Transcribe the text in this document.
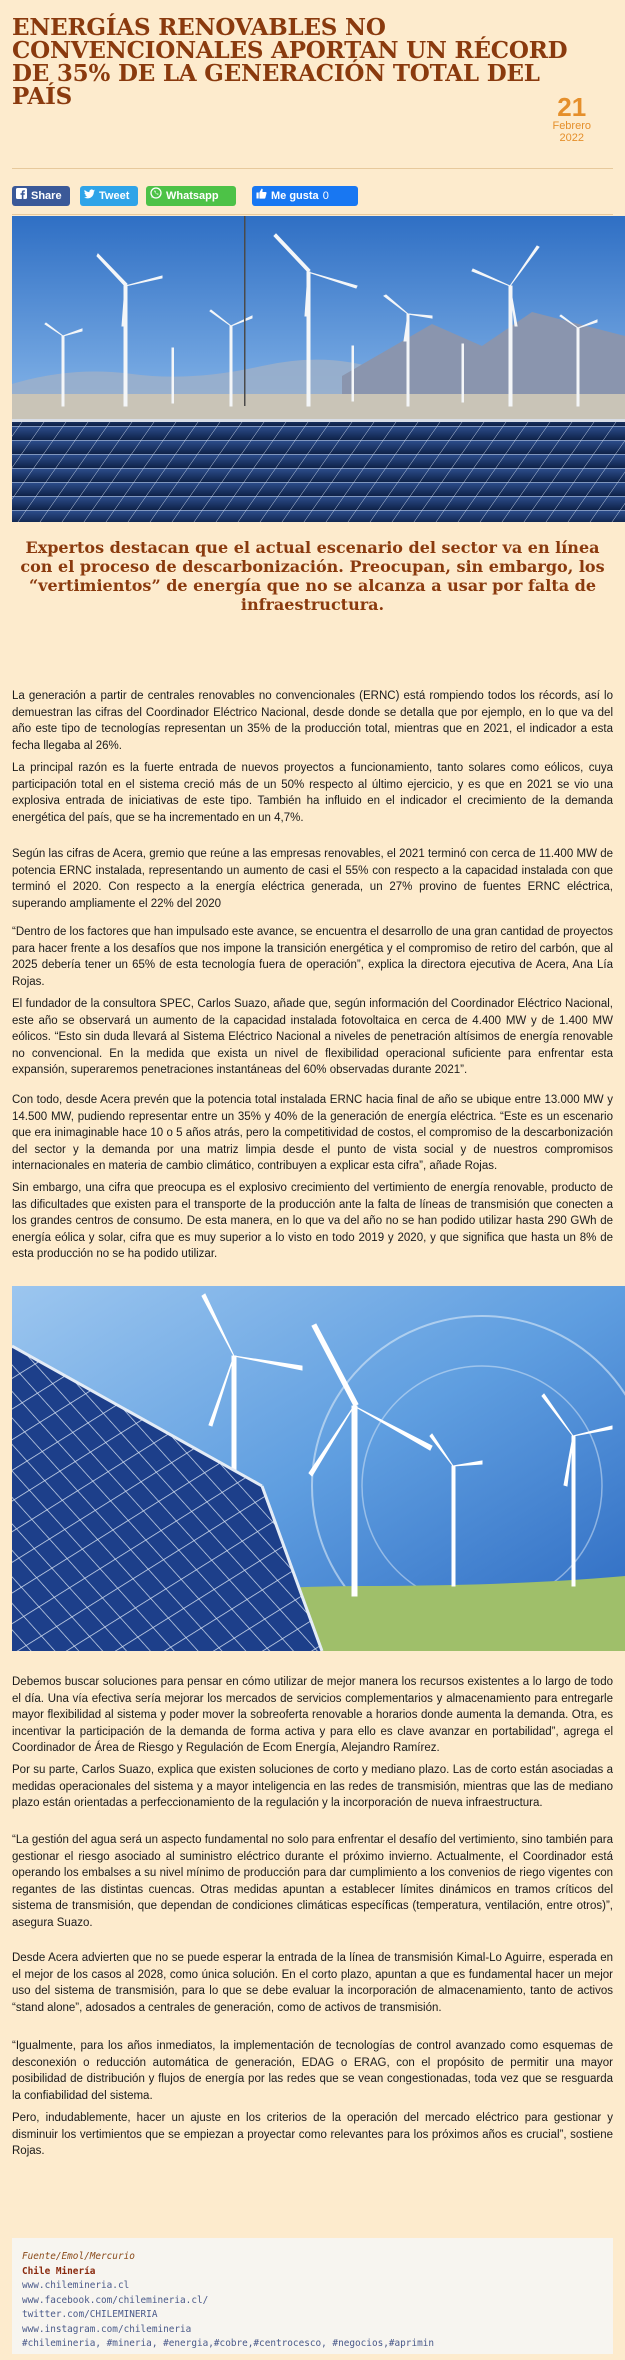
ENERGÍAS RENOVABLES NO CONVENCIONALES APORTAN UN RÉCORD DE 35% DE LA GENERACIÓN TOTAL DEL PAÍS	21
Febrero
2022
Share	Tweet	Whatsapp	Me gusta 0

Expertos destacan que el actual escenario del sector va en línea con el proceso de descarbonización. Preocupan, sin embargo, los “vertimientos” de energía que no se alcanza a usar por falta de infraestructura.

La generación a partir de centrales renovables no convencionales (ERNC) está rompiendo todos los récords, así lo demuestran las cifras del Coordinador Eléctrico Nacional, desde donde se detalla que por ejemplo, en lo que va del año este tipo de tecnologías representan un 35% de la producción total, mientras que en 2021, el indicador a esta fecha llegaba al 26%.

La principal razón es la fuerte entrada de nuevos proyectos a funcionamiento, tanto solares como eólicos, cuya participación total en el sistema creció más de un 50% respecto al último ejercicio, y es que en 2021 se vio una explosiva entrada de iniciativas de este tipo. También ha influido en el indicador el crecimiento de la demanda energética del país, que se ha incrementado en un 4,7%.

Según las cifras de Acera, gremio que reúne a las empresas renovables, el 2021 terminó con cerca de 11.400 MW de potencia ERNC instalada, representando un aumento de casi el 55% con respecto a la capacidad instalada con que terminó el 2020. Con respecto a la energía eléctrica generada, un 27% provino de fuentes ERNC eléctrica, superando ampliamente el 22% del 2020

“Dentro de los factores que han impulsado este avance, se encuentra el desarrollo de una gran cantidad de proyectos para hacer frente a los desafíos que nos impone la transición energética y el compromiso de retiro del carbón, que al 2025 debería tener un 65% de esta tecnología fuera de operación”, explica la directora ejecutiva de Acera, Ana Lía Rojas.

El fundador de la consultora SPEC, Carlos Suazo, añade que, según información del Coordinador Eléctrico Nacional, este año se observará un aumento de la capacidad instalada fotovoltaica en cerca de 4.400 MW y de 1.400 MW eólicos. “Esto sin duda llevará al Sistema Eléctrico Nacional a niveles de penetración altísimos de energía renovable no convencional. En la medida que exista un nivel de flexibilidad operacional suficiente para enfrentar esta expansión, superaremos penetraciones instantáneas del 60% observadas durante 2021”.

Con todo, desde Acera prevén que la potencia total instalada ERNC hacia final de año se ubique entre 13.000 MW y 14.500 MW, pudiendo representar entre un 35% y 40% de la generación de energía eléctrica. “Este es un escenario que era inimaginable hace 10 o 5 años atrás, pero la competitividad de costos, el compromiso de la descarbonización del sector y la demanda por una matriz limpia desde el punto de vista social y de nuestros compromisos internacionales en materia de cambio climático, contribuyen a explicar esta cifra”, añade Rojas.

Sin embargo, una cifra que preocupa es el explosivo crecimiento del vertimiento de energía renovable, producto de las dificultades que existen para el transporte de la producción ante la falta de líneas de transmisión que conecten a los grandes centros de consumo. De esta manera, en lo que va del año no se han podido utilizar hasta 290 GWh de energía eólica y solar, cifra que es muy superior a lo visto en todo 2019 y 2020, y que significa que hasta un 8% de esta producción no se ha podido utilizar.

Debemos buscar soluciones para pensar en cómo utilizar de mejor manera los recursos existentes a lo largo de todo el día. Una vía efectiva sería mejorar los mercados de servicios complementarios y almacenamiento para entregarle mayor flexibilidad al sistema y poder mover la sobreoferta renovable a horarios donde aumenta la demanda. Otra, es incentivar la participación de la demanda de forma activa y para ello es clave avanzar en portabilidad”, agrega el Coordinador de Área de Riesgo y Regulación de Ecom Energía, Alejandro Ramírez.

Por su parte, Carlos Suazo, explica que existen soluciones de corto y mediano plazo. Las de corto están asociadas a medidas operacionales del sistema y a mayor inteligencia en las redes de transmisión, mientras que las de mediano plazo están orientadas a perfeccionamiento de la regulación y la incorporación de nueva infraestructura.

“La gestión del agua será un aspecto fundamental no solo para enfrentar el desafío del vertimiento, sino también para gestionar el riesgo asociado al suministro eléctrico durante el próximo invierno. Actualmente, el Coordinador está operando los embalses a su nivel mínimo de producción para dar cumplimiento a los convenios de riego vigentes con regantes de las distintas cuencas. Otras medidas apuntan a establecer límites dinámicos en tramos críticos del sistema de transmisión, que dependan de condiciones climáticas específicas (temperatura, ventilación, entre otros)”, asegura Suazo.

Desde Acera advierten que no se puede esperar la entrada de la línea de transmisión Kimal-Lo Aguirre, esperada en el mejor de los casos al 2028, como única solución. En el corto plazo, apuntan a que es fundamental hacer un mejor uso del sistema de transmisión, para lo que se debe evaluar la incorporación de almacenamiento, tanto de activos “stand alone”, adosados a centrales de generación, como de activos de transmisión.

“Igualmente, para los años inmediatos, la implementación de tecnologías de control avanzado como esquemas de desconexión o reducción automática de generación, EDAG o ERAG, con el propósito de permitir una mayor posibilidad de distribución y flujos de energía por las redes que se vean congestionadas, toda vez que se resguarda la confiabilidad del sistema.

Pero, indudablemente, hacer un ajuste en los criterios de la operación del mercado eléctrico para gestionar y disminuir los vertimientos que se empiezan a proyectar como relevantes para los próximos años es crucial”, sostiene Rojas.

Fuente/Emol/Mercurio
Chile Minería
www.chilemineria.cl
www.facebook.com/chilemineria.cl/
twitter.com/CHILEMINERIA
www.instagram.com/chilemineria
#chilemineria, #mineria, #energia,#cobre,#centrocesco, #negocios,#aprimin
